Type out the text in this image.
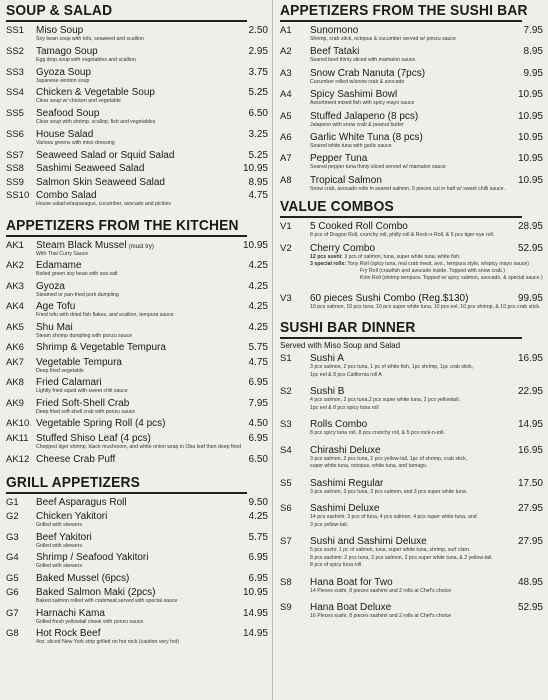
SOUP & SALAD
SS1	Miso Soup	2.50
Soy bean soup with tofu, seaweed and scallion
SS2	Tamago Soup	2.95
Egg drop soup with vegetables and scallion
SS3	Gyoza Soup	3.75
Japanese wonton soup
SS4	Chicken & Vegetable Soup	5.25
Clear soup w/ chicken and vegetable
SS5	Seafood Soup	6.50
Clear soup with shrimp, scallop, fish and vegetables
SS6	House Salad	3.25
Various greens with miso dressing
SS7	Seaweed Salad or Squid Salad	5.25
SS8	Sashimi Seaweed Salad	10.95
SS9	Salmon Skin Seaweed Salad	8.95
SS10 Combo Salad	4.75
House salad w/asparagus, cucumber, avocado and pickles
APPETIZERS FROM THE KITCHEN
AK1	Steam Black Mussel (must try)	10.95
With Thai Curry Sauce
AK2	Edamame	4.25
Boiled green soy bean with sea salt
AK3	Gyoza	4.25
Steamed or pan-fried pork dumpling
AK4	Age Tofu	4.25
Fried tofu with dried fish flakes, and scallion, tempura sauce
AK5	Shu Mai	4.25
Steam shrimp dumpling with ponzu sauce
AK6	Shrimp & Vegetable Tempura	5.75
AK7	Vegetable Tempura	4.75
Deep fried vegetable
AK8	Fried Calamari	6.95
Lightly fried squid with sweet chili sauce
AK9	Fried Soft-Shell Crab	7.95
Deep fried soft-shell crab with ponzu sauce
AK10 Vegetable Spring Roll (4 pcs)	4.50
AK11 Stuffed Shiso Leaf (4 pcs)	6.95
Chopped tiger shrimp, black mushroom, and white onion wrap in Oba leaf then deep fried
AK12 Cheese Crab Puff	6.50
GRILL APPETIZERS
G1	Beef Asparagus Roll	9.50
G2	Chicken Yakitori	4.25
Grilled with skewers
G3	Beef Yakitori	5.75
Grilled with skewers
G4	Shrimp / Seafood Yakitori	6.95
Grilled with skewers
G5	Baked Mussel (6pcs)	6.95
G6	Baked Salmon Maki (2pcs)	10.95
Baked salmon rolled with crabmeat,served with special sauce
G7	Harnachi Kama	14.95
Grilled fresh yellowtail cheek with ponzu sauce
G8	Hot Rock Beef	14.95
4oz. sliced New York strip grilled on hot rock (caution very hot)
APPETIZERS FROM THE SUSHI BAR
A1	Sunomono	7.95
Shrimp, crab stick, octopus & cucumber served w/ ponzu sauce
A2	Beef Tataki	8.95
Seared beef thinly sliced with mamalon sauce
A3	Snow Crab Nanuta (7pcs)	9.95
Cucumber rolled w/snow crab & avocado
A4	Spicy Sashimi Bowl	10.95
Assortment mixed fish with spicy mayo sauce
A5	Stuffed Jalapeno (8 pcs)	10.95
Jalapeno with snow crab & peanut butter
A6	Garlic White Tuna (8 pcs)	10.95
Seared white tuna with garlic sauce
A7	Pepper Tuna	10.95
Seared pepper tuna thinly sliced served w/ mamalon sauce
A8	Tropical Salmon	10.95
Snow crab, avocado rolle in seared salmon, 5 pieces cut in half w/ sweet chilli sauce.
VALUE COMBOS
V1	5 Cooked Roll Combo	28.95
8 pcs of Dragon Roll, crunchy roll, philly roll & Rock-n-Roll, & 5 pcs tiger eye roll.
V2	Cherry Combo	52.95
12 pcs sushi: 3 pcs of salmon, tuna, super white tuna, white fish.
3 special rolls: Tony Roll (spicy tuna, real crab meat, avo., tempura style, w/spicy mayo sauce)
Fry Roll (crawfish and avocado inside. Topped with snow crab.)
Kirin Roll (shrimp tempura. Topped w/ spicy salmon, avocado, & special sauce.)
V3	60 pieces Sushi Combo (Reg.$130)	99.95
10 pcs salmon, 10 pcs tuna, 10 pcs super white tuna, 10 pcs eel, 10 pcs shrimp, & 10 pcs crab stick.
SUSHI BAR DINNER
Served with Miso Soup and Salad
S1	Sushi A	16.95
3 pcs salmon, 2 pcs tuna, 1 pc of white fish, 1pc shrimp, 1pc crab stick,
1pc eel & 8 pcs California roll A
S2	Sushi B	22.95
4 pcs salmon, 2 pcs tuna,2 pcs super white tuna, 2 pcs yellowtail,
1pc eel & 8 pcs spicy tuna roll
S3	Rolls Combo	14.95
8 pcs spicy tuna roll, 8 pcs crunchy roll, & 5 pcs rock-n-roll.
S4	Chirashi Deluxe	16.95
3 pcs salmon, 2 pcs tuna, 2 pcs yellow-tail, 1pc of shrimp, crab stick,
super white tuna, octopus, white tuna, and tamago.
S5	Sashimi Regular	17.50
3 pcs salmon, 3 pcs tuna, 3 pcs salmon, and 3 pcs super white tuna.
S6	Sashimi Deluxe	27.95
14 pcs sashimi: 3 pcs of tuna, 4 pcs salmon, 4 pcs super white tuna, and
3 pcs yellow-tail.
S7	Sushi and Sashimi Deluxe	27.95
5 pcs sushi: 1 pc of salmon, tuna, super white tuna, shrimp, surf clam.
8 pcs sashimi: 2 pcs tuna, 2 pcs salmon, 2 pcs super white tuna, & 2 yellow-tail.
8 pcs of spicy tuna roll.
S8	Hana Boat for Two	48.95
14 Pieces sushi, 8 pieces sashimi and 2 rolls at Chef's choice
S9	Hana Boat Deluxe	52.95
16 Pieces sushi, 8 pieces sashimi and 2 rolls at Chef's choice
